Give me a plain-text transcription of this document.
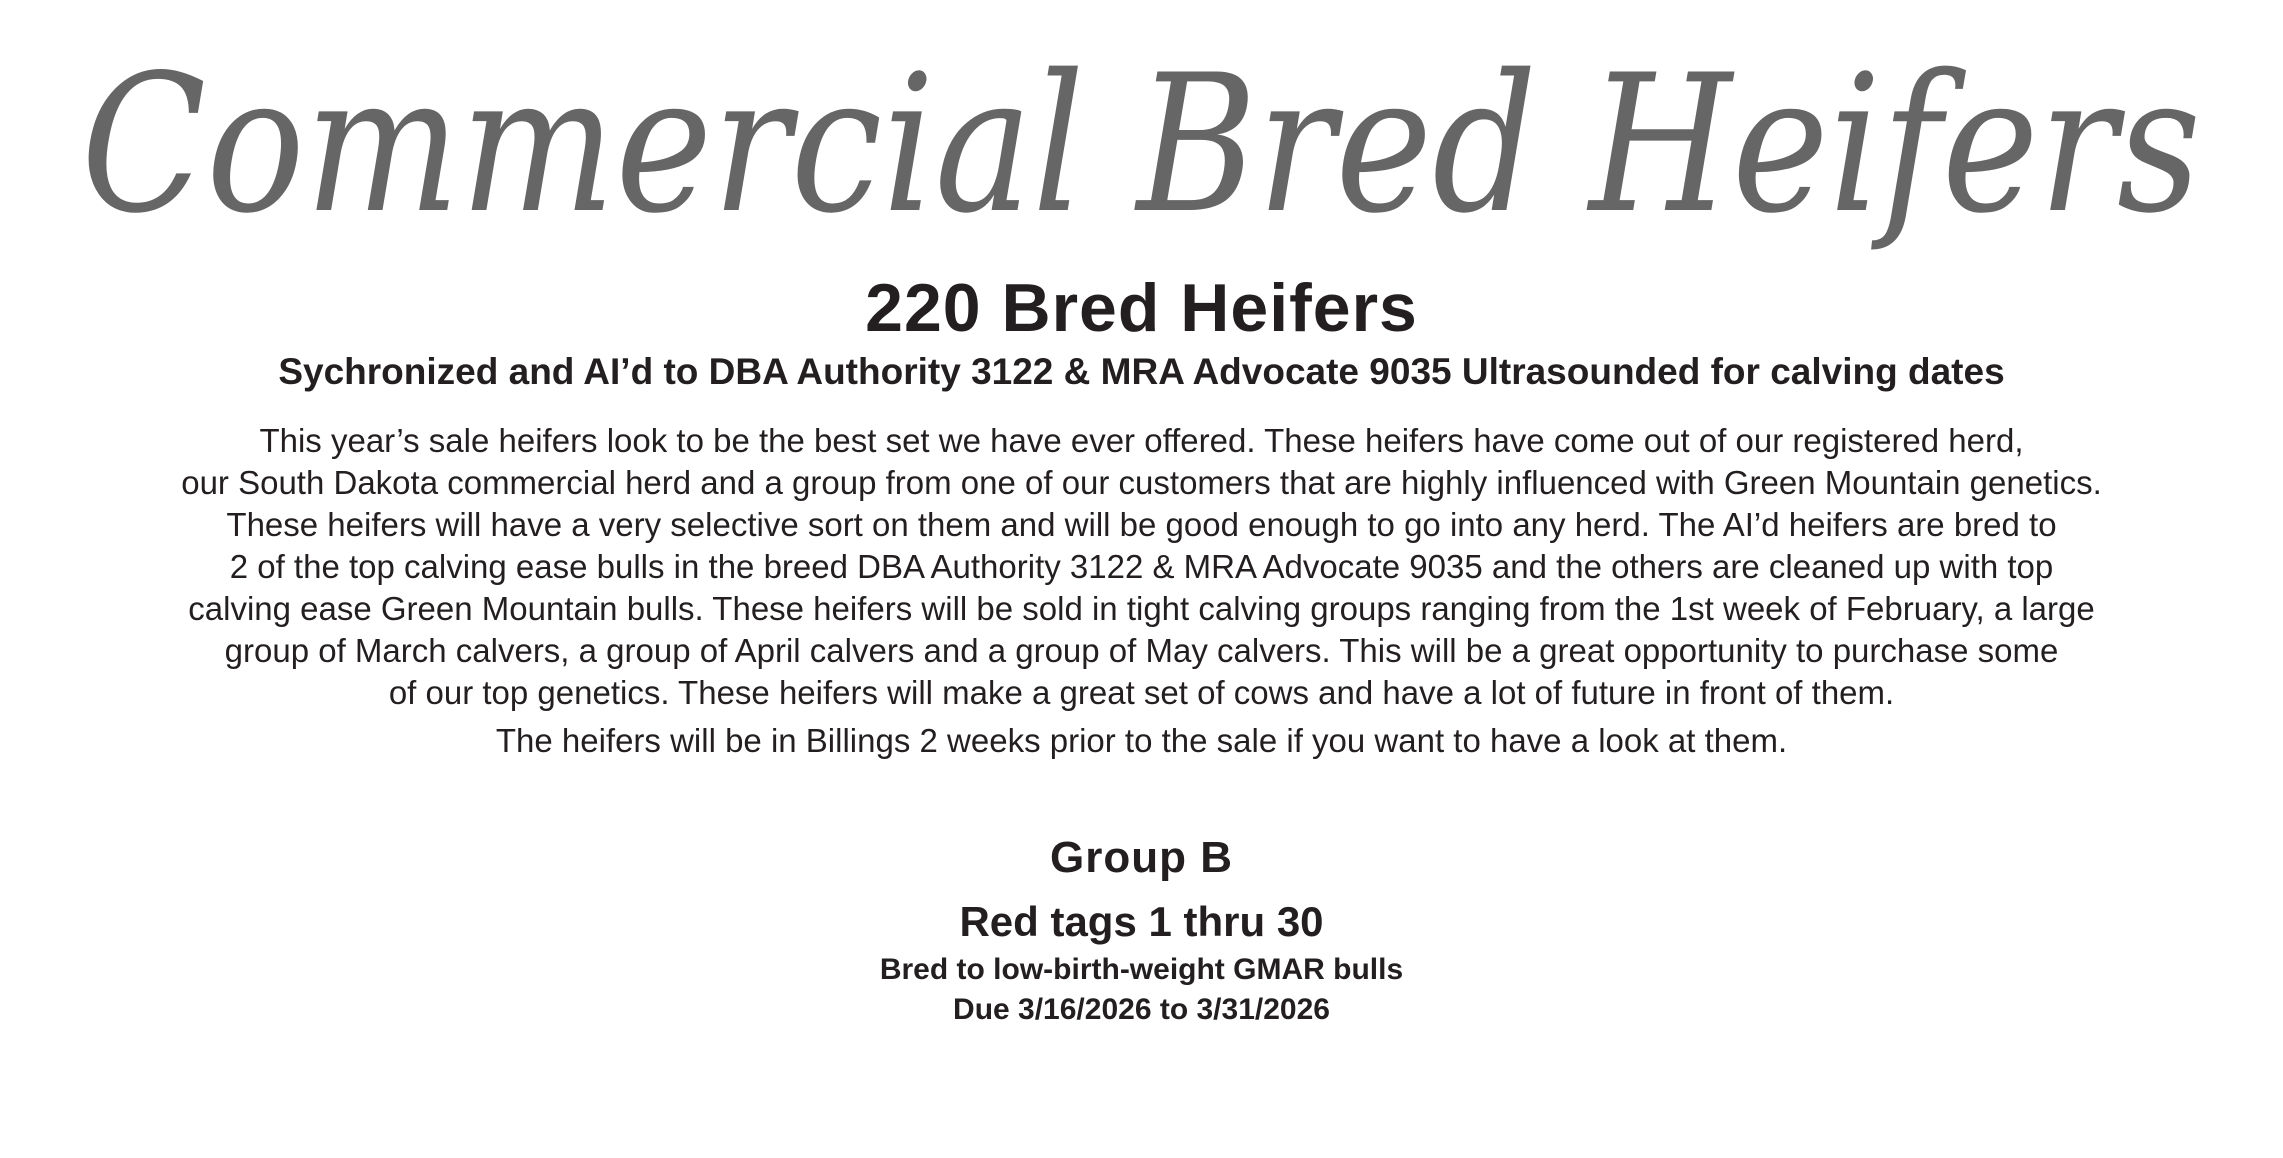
Commercial Bred Heifers
220 Bred Heifers
Sychronized and AI’d to DBA Authority 3122 & MRA Advocate 9035 Ultrasounded for calving dates
This year’s sale heifers look to be the best set we have ever offered. These heifers have come out of our registered herd,
our South Dakota commercial herd and a group from one of our customers that are highly influenced with Green Mountain genetics.
These heifers will have a very selective sort on them and will be good enough to go into any herd. The AI’d heifers are bred to
2 of the top calving ease bulls in the breed DBA Authority 3122 & MRA Advocate 9035 and the others are cleaned up with top
calving ease Green Mountain bulls. These heifers will be sold in tight calving groups ranging from the 1st week of February, a large
group of March calvers, a group of April calvers and a group of May calvers. This will be a great opportunity to purchase some
of our top genetics. These heifers will make a great set of cows and have a lot of future in front of them.
The heifers will be in Billings 2 weeks prior to the sale if you want to have a look at them.
Group B
Red tags 1 thru 30
Bred to low-birth-weight GMAR bulls
Due 3/16/2026 to 3/31/2026
